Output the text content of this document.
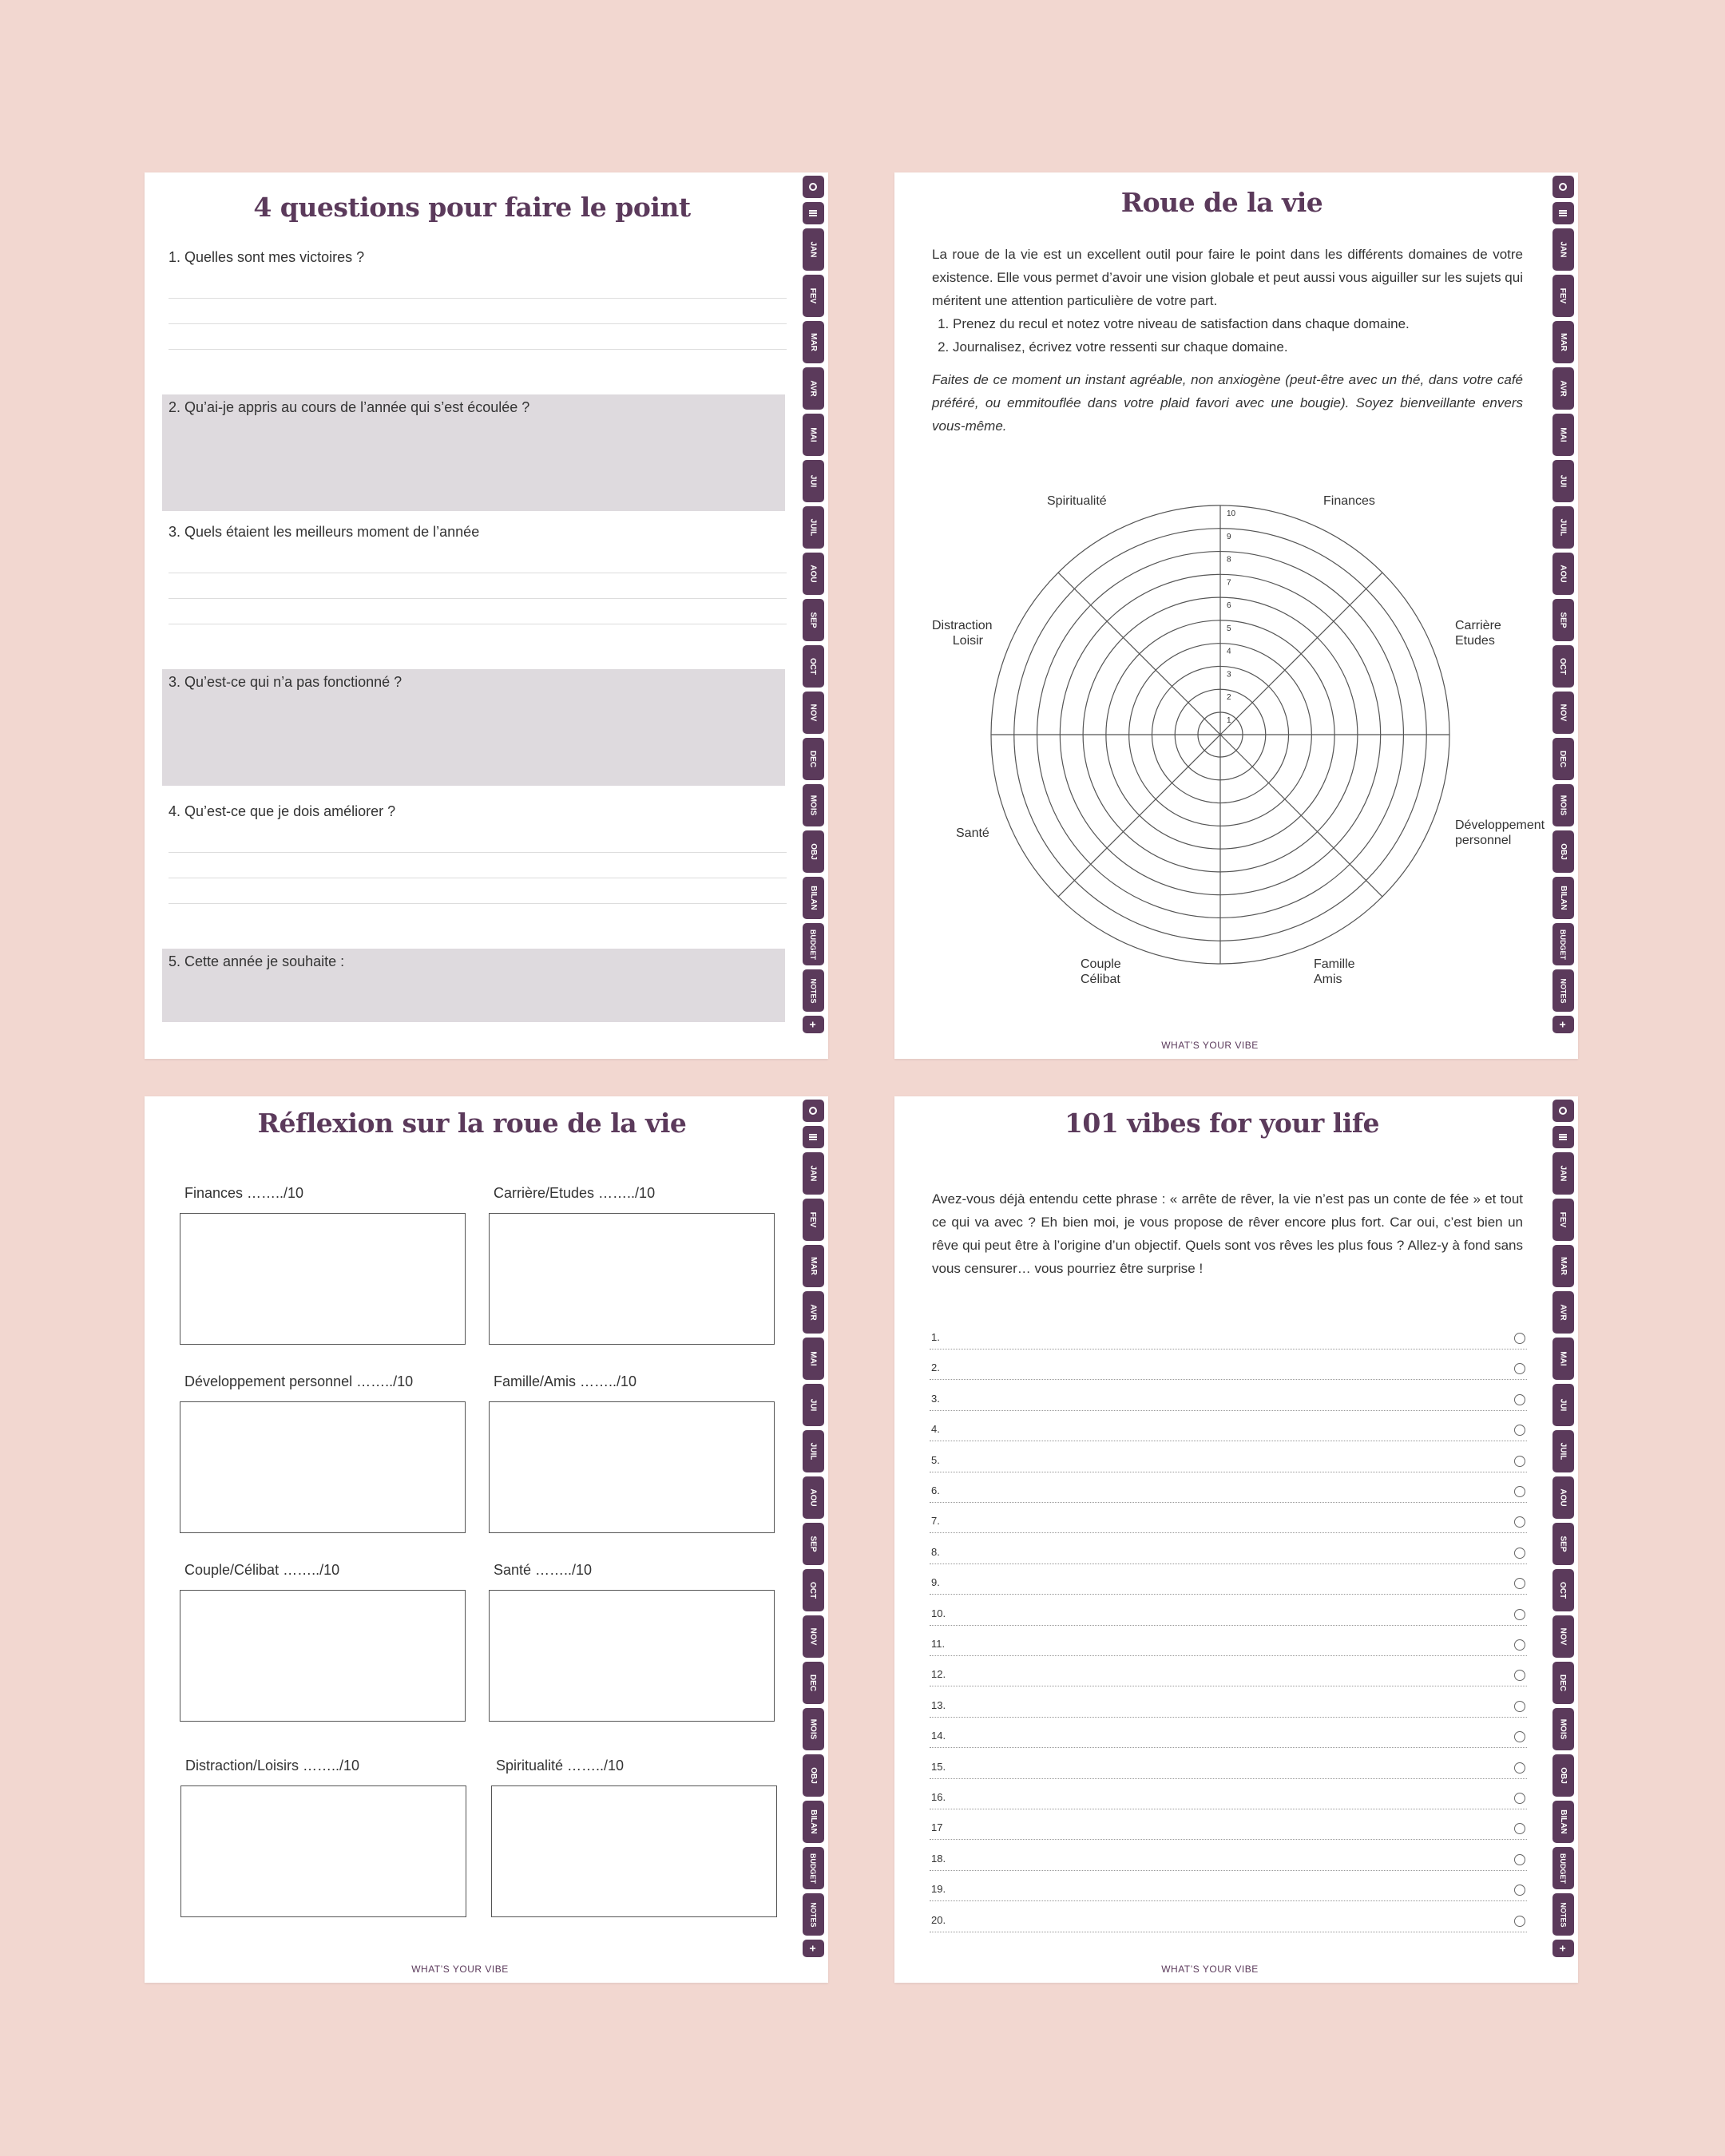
4 questions pour faire le point
1. Quelles sont mes victoires ?
2. Qu’ai-je appris au cours de l’année qui s’est écoulée ?
3. Quels étaient les meilleurs moment de l’année
3. Qu’est-ce qui n’a pas fonctionné ?
4. Qu’est-ce que je dois améliorer ?
5. Cette année je souhaite :
JAN
FEV
MAR
AVR
MAI
JUI
JUIL
AOU
SEP
OCT
NOV
DEC
MOIS
OBJ
BILAN
BUDGET
NOTES
+
Roue de la vie
La roue de la vie est un excellent outil pour faire le point dans les différents domaines de votre existence. Elle vous permet d’avoir une vision globale et peut aussi vous aiguiller sur les sujets qui méritent une attention particulière de votre part.
1. Prenez du recul et notez votre niveau de satisfaction dans chaque domaine.
2. Journalisez, écrivez votre ressenti sur chaque domaine.
Faites de ce moment un instant agréable, non anxiogène (peut-être avec un thé, dans votre café préféré, ou emmitouflée dans votre plaid favori avec une bougie). Soyez bienveillante envers vous-même.
1
2
3
4
5
6
7
8
9
10
Spiritualité	Finances
Carrière
Etudes
Développement
personnel
Famille
Amis
Couple
Célibat
Santé
Distraction
Loisir
WHAT’S YOUR VIBE
JAN
FEV
MAR
AVR
MAI
JUI
JUIL
AOU
SEP
OCT
NOV
DEC
MOIS
OBJ
BILAN
BUDGET
NOTES
+
Réflexion sur la roue de la vie
Finances ……../10	Carrière/Etudes ……../10
Développement personnel ……../10	Famille/Amis ……../10
Couple/Célibat ……../10	Santé ……../10
Distraction/Loisirs ……../10	Spiritualité ……../10
WHAT’S YOUR VIBE
JAN
FEV
MAR
AVR
MAI
JUI
JUIL
AOU
SEP
OCT
NOV
DEC
MOIS
OBJ
BILAN
BUDGET
NOTES
+
101 vibes for your life
Avez-vous déjà entendu cette phrase : « arrête de rêver, la vie n’est pas un conte de fée » et tout ce qui va avec ? Eh bien moi, je vous propose de rêver encore plus fort. Car oui, c’est bien un rêve qui peut être à l’origine d’un objectif. Quels sont vos rêves les plus fous ? Allez-y à fond sans vous censurer… vous pourriez être surprise !
1.
2.
3.
4.
5.
6.
7.
8.
9.
10.
11.
12.
13.
14.
15.
16.
17
18.
19.
20.
WHAT’S YOUR VIBE
JAN
FEV
MAR
AVR
MAI
JUI
JUIL
AOU
SEP
OCT
NOV
DEC
MOIS
OBJ
BILAN
BUDGET
NOTES
+
